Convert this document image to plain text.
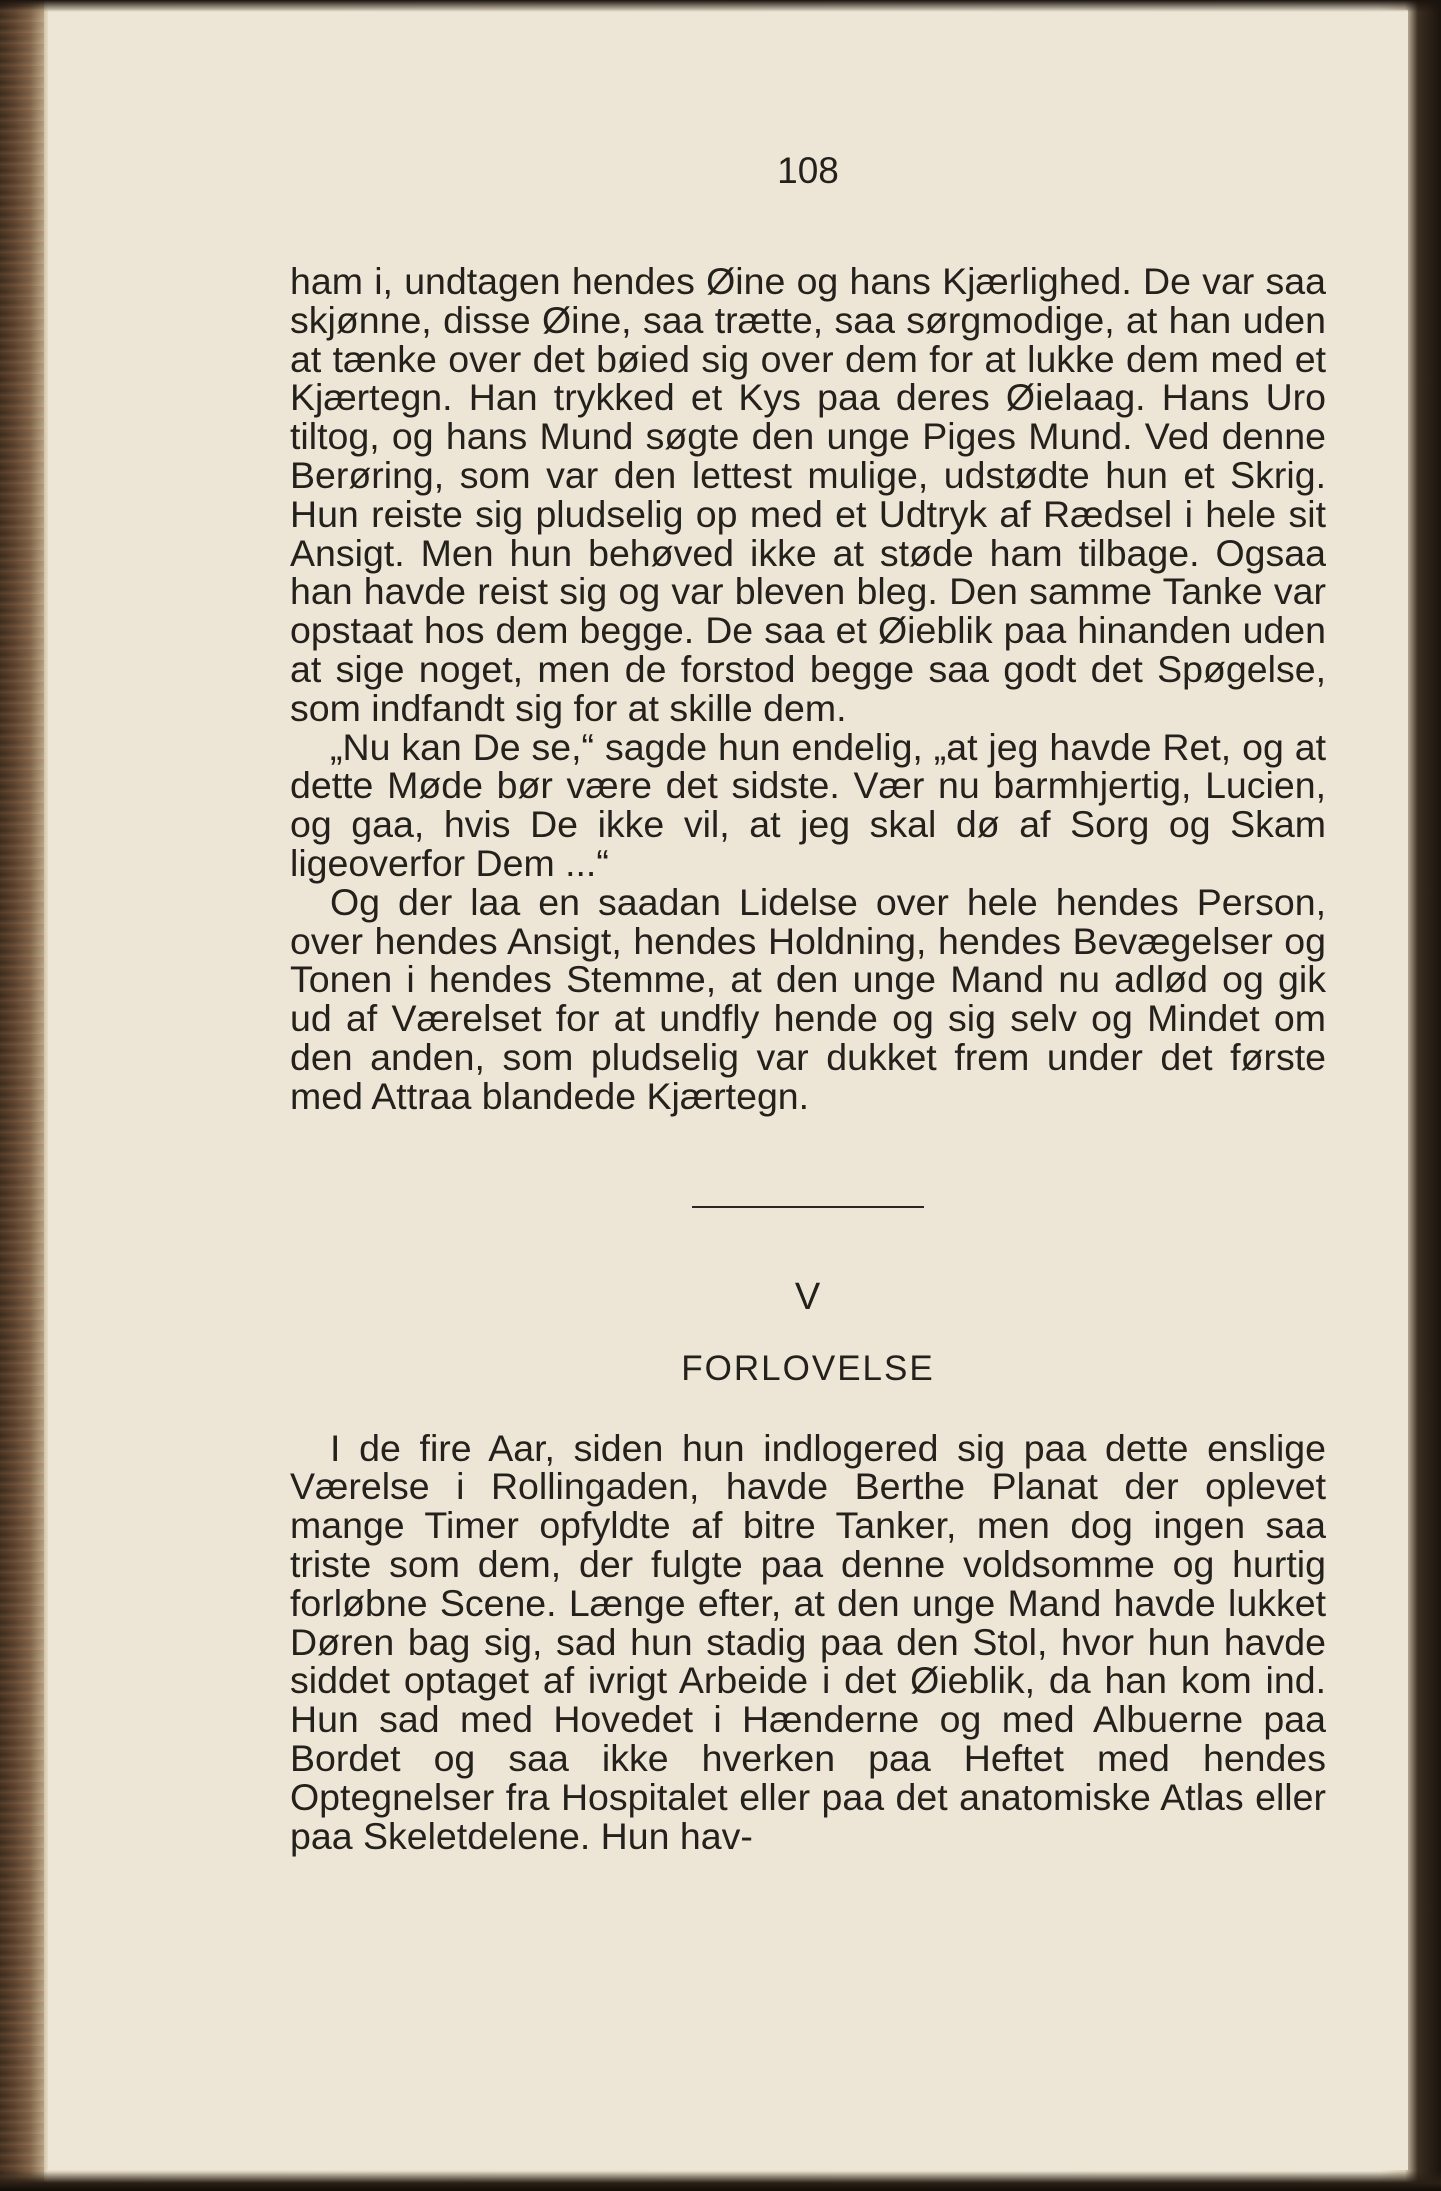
108

ham i, undtagen hendes Øine og hans Kjærlighed. De var saa skjønne, disse Øine, saa trætte, saa sørgmodige, at han uden at tænke over det bøied sig over dem for at lukke dem med et Kjærtegn. Han trykked et Kys paa deres Øielaag. Hans Uro tiltog, og hans Mund søgte den unge Piges Mund. Ved denne Berøring, som var den lettest mulige, udstødte hun et Skrig. Hun reiste sig pludselig op med et Udtryk af Rædsel i hele sit Ansigt. Men hun behøved ikke at støde ham tilbage. Ogsaa han havde reist sig og var bleven bleg. Den samme Tanke var opstaat hos dem begge. De saa et Øieblik paa hinanden uden at sige noget, men de forstod begge saa godt det Spøgelse, som indfandt sig for at skille dem.

„Nu kan De se,“ sagde hun endelig, „at jeg havde Ret, og at dette Møde bør være det sidste. Vær nu barmhjertig, Lucien, og gaa, hvis De ikke vil, at jeg skal dø af Sorg og Skam ligeoverfor Dem ...“

Og der laa en saadan Lidelse over hele hendes Person, over hendes Ansigt, hendes Holdning, hendes Bevægelser og Tonen i hendes Stemme, at den unge Mand nu adlød og gik ud af Værelset for at undfly hende og sig selv og Mindet om den anden, som pludselig var dukket frem under det første med Attraa blandede Kjærtegn.

V
FORLOVELSE

I de fire Aar, siden hun indlogered sig paa dette enslige Værelse i Rollingaden, havde Berthe Planat der oplevet mange Timer opfyldte af bitre Tanker, men dog ingen saa triste som dem, der fulgte paa denne voldsomme og hurtig forløbne Scene. Længe efter, at den unge Mand havde lukket Døren bag sig, sad hun stadig paa den Stol, hvor hun havde siddet optaget af ivrigt Arbeide i det Øieblik, da han kom ind. Hun sad med Hovedet i Hænderne og med Albuerne paa Bordet og saa ikke hverken paa Heftet med hendes Optegnelser fra Hospitalet eller paa det anatomiske Atlas eller paa Skeletdelene. Hun hav-
